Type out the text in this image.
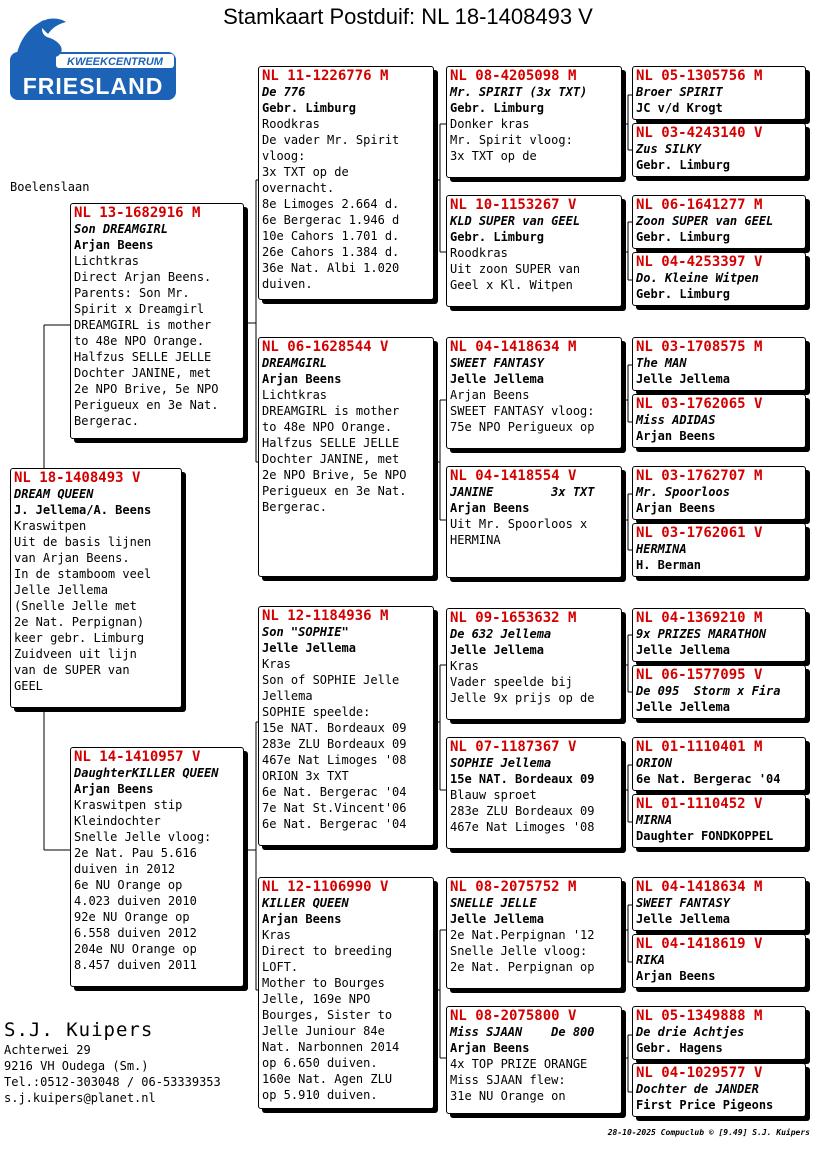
Stamkaart Postduif: NL 18-1408493 V
KWEEKCENTRUM
FRIESLAND
Boelenslaan
NL 18-1408493 V
DREAM QUEEN
J. Jellema/A. Beens
Kraswitpen
Uit de basis lijnen
van Arjan Beens.
In de stamboom veel
Jelle Jellema
(Snelle Jelle met
2e Nat. Perpignan)
keer gebr. Limburg
Zuidveen uit lijn
van de SUPER van
GEEL
NL 13-1682916 M
Son DREAMGIRL
Arjan Beens
Lichtkras
Direct Arjan Beens.
Parents: Son Mr.
Spirit x Dreamgirl
DREAMGIRL is mother
to 48e NPO Orange.
Halfzus SELLE JELLE
Dochter JANINE, met
2e NPO Brive, 5e NPO
Perigueux en 3e Nat.
Bergerac.
NL 14-1410957 V
DaughterKILLER QUEEN
Arjan Beens
Kraswitpen stip
Kleindochter
Snelle Jelle vloog:
2e Nat. Pau 5.616
duiven in 2012
6e NU Orange op
4.023 duiven 2010
92e NU Orange op
6.558 duiven 2012
204e NU Orange op
8.457 duiven 2011
NL 11-1226776 M
De 776
Gebr. Limburg
Roodkras
De vader Mr. Spirit
vloog:
3x TXT op de
overnacht.
8e Limoges 2.664 d.
6e Bergerac 1.946 d
10e Cahors 1.701 d.
26e Cahors 1.384 d.
36e Nat. Albi 1.020
duiven.
NL 06-1628544 V
DREAMGIRL
Arjan Beens
Lichtkras
DREAMGIRL is mother
to 48e NPO Orange.
Halfzus SELLE JELLE
Dochter JANINE, met
2e NPO Brive, 5e NPO
Perigueux en 3e Nat.
Bergerac.
NL 12-1184936 M
Son "SOPHIE"
Jelle Jellema
Kras
Son of SOPHIE Jelle
Jellema
SOPHIE speelde:
15e NAT. Bordeaux 09
283e ZLU Bordeaux 09
467e Nat Limoges '08
ORION 3x TXT
6e Nat. Bergerac '04
7e Nat St.Vincent'06
6e Nat. Bergerac '04
NL 12-1106990 V
KILLER QUEEN
Arjan Beens
Kras
Direct to breeding
LOFT.
Mother to Bourges
Jelle, 169e NPO
Bourges, Sister to
Jelle Juniour 84e
Nat. Narbonnen 2014
op 6.650 duiven.
160e Nat. Agen ZLU
op 5.910 duiven.
NL 08-4205098 M
Mr. SPIRIT (3x TXT)
Gebr. Limburg
Donker kras
Mr. Spirit vloog:
3x TXT op de
NL 10-1153267 V
KLD SUPER van GEEL
Gebr. Limburg
Roodkras
Uit zoon SUPER van
Geel x Kl. Witpen
NL 04-1418634 M
SWEET FANTASY
Jelle Jellema
Arjan Beens
SWEET FANTASY vloog:
75e NPO Perigueux op
NL 04-1418554 V
JANINE        3x TXT
Arjan Beens
Uit Mr. Spoorloos x
HERMINA
NL 09-1653632 M
De 632 Jellema
Jelle Jellema
Kras
Vader speelde bij
Jelle 9x prijs op de
NL 07-1187367 V
SOPHIE Jellema
15e NAT. Bordeaux 09
Blauw sproet
283e ZLU Bordeaux 09
467e Nat Limoges '08
NL 08-2075752 M
SNELLE JELLE
Jelle Jellema
2e Nat.Perpignan '12
Snelle Jelle vloog:
2e Nat. Perpignan op
NL 08-2075800 V
Miss SJAAN    De 800
Arjan Beens
4x TOP PRIZE ORANGE
Miss SJAAN flew:
31e NU Orange on
NL 05-1305756 M
Broer SPIRIT
JC v/d Krogt
NL 03-4243140 V
Zus SILKY
Gebr. Limburg
NL 06-1641277 M
Zoon SUPER van GEEL
Gebr. Limburg
NL 04-4253397 V
Do. Kleine Witpen
Gebr. Limburg
NL 03-1708575 M
The MAN
Jelle Jellema
NL 03-1762065 V
Miss ADIDAS
Arjan Beens
NL 03-1762707 M
Mr. Spoorloos
Arjan Beens
NL 03-1762061 V
HERMINA
H. Berman
NL 04-1369210 M
9x PRIZES MARATHON
Jelle Jellema
NL 06-1577095 V
De 095  Storm x Fira
Jelle Jellema
NL 01-1110401 M
ORION
6e Nat. Bergerac '04
NL 01-1110452 V
MIRNA
Daughter FONDKOPPEL
NL 04-1418634 M
SWEET FANTASY
Jelle Jellema
NL 04-1418619 V
RIKA
Arjan Beens
NL 05-1349888 M
De drie Achtjes
Gebr. Hagens
NL 04-1029577 V
Dochter de JANDER
First Price Pigeons
S.J. Kuipers
Achterwei 29
9216 VH Oudega (Sm.)
Tel.:0512-303048 / 06-53339353
s.j.kuipers@planet.nl
28-10-2025 Compuclub © [9.49] S.J. Kuipers
